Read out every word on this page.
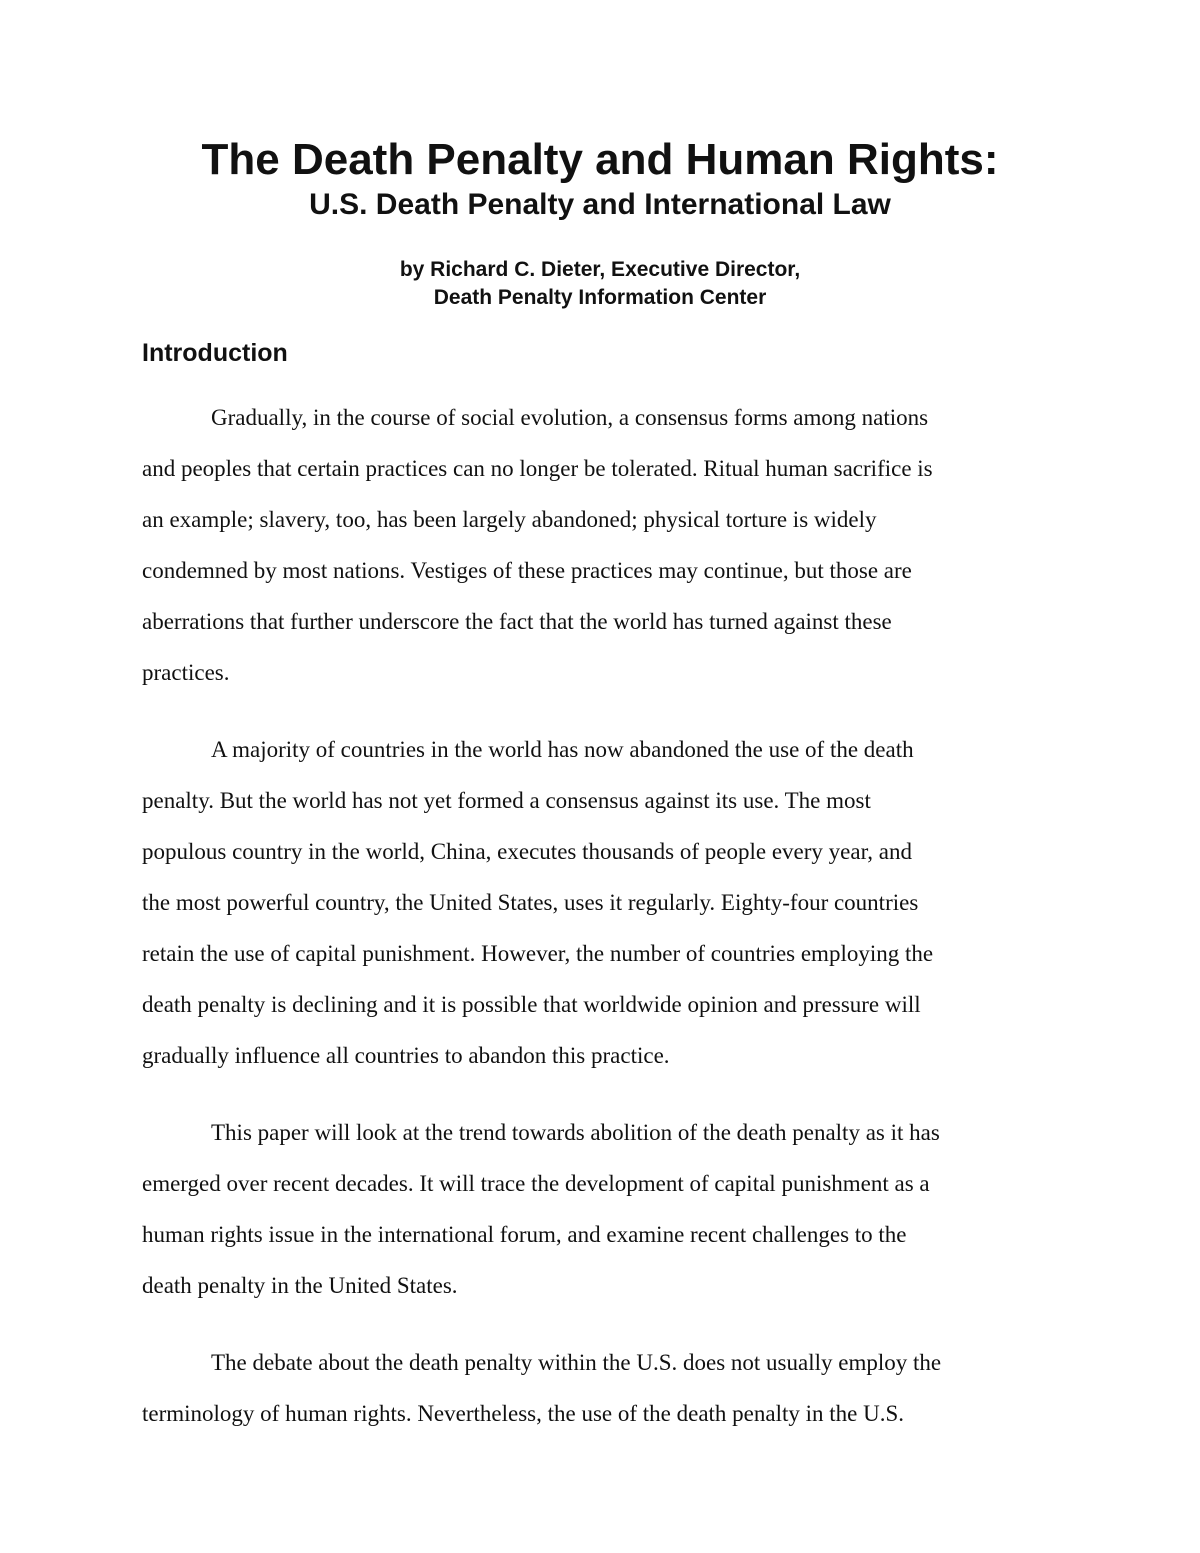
The Death Penalty and Human Rights:
U.S. Death Penalty and International Law
by Richard C. Dieter, Executive Director,
Death Penalty Information Center
Introduction

Gradually, in the course of social evolution, a consensus forms among nations
and peoples that certain practices can no longer be tolerated. Ritual human sacrifice is
an example; slavery, too, has been largely abandoned; physical torture is widely
condemned by most nations. Vestiges of these practices may continue, but those are
aberrations that further underscore the fact that the world has turned against these
practices.

A majority of countries in the world has now abandoned the use of the death
penalty. But the world has not yet formed a consensus against its use. The most
populous country in the world, China, executes thousands of people every year, and
the most powerful country, the United States, uses it regularly. Eighty-four countries
retain the use of capital punishment. However, the number of countries employing the
death penalty is declining and it is possible that worldwide opinion and pressure will
gradually influence all countries to abandon this practice.

This paper will look at the trend towards abolition of the death penalty as it has
emerged over recent decades. It will trace the development of capital punishment as a
human rights issue in the international forum, and examine recent challenges to the
death penalty in the United States.

The debate about the death penalty within the U.S. does not usually employ the
terminology of human rights. Nevertheless, the use of the death penalty in the U.S.
